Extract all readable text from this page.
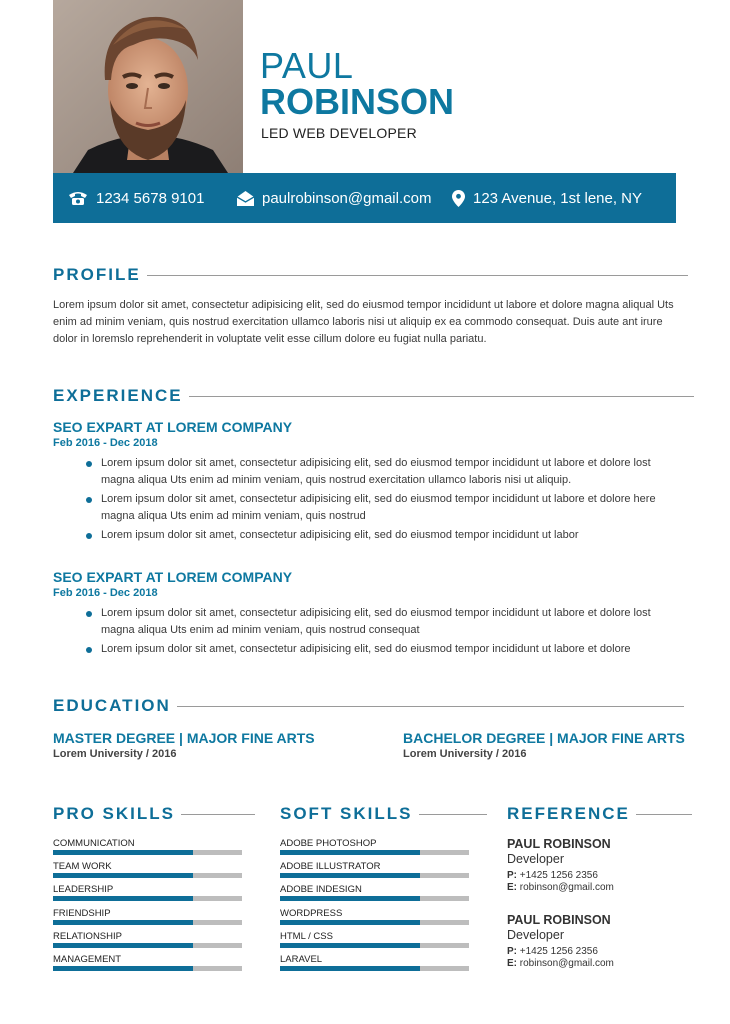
PAUL
ROBINSON
LED WEB DEVELOPER
1234 5678 9101	paulrobinson@gmail.com	123 Avenue, 1st lene, NY
PROFILE
Lorem ipsum dolor sit amet, consectetur adipisicing elit, sed do eiusmod tempor incididunt ut labore et dolore magna aliqual Uts enim ad minim veniam, quis nostrud exercitation ullamco laboris nisi ut aliquip ex ea commodo consequat. Duis aute ant irure dolor in loremslo reprehenderit in voluptate velit esse cillum dolore eu fugiat nulla pariatu.
EXPERIENCE
SEO EXPART AT LOREM COMPANY
Feb 2016 - Dec 2018
Lorem ipsum dolor sit amet, consectetur adipisicing elit, sed do eiusmod tempor incididunt ut labore et dolore lost magna aliqua Uts enim ad minim veniam, quis nostrud exercitation ullamco laboris nisi ut aliquip.
Lorem ipsum dolor sit amet, consectetur adipisicing elit, sed do eiusmod tempor incididunt ut labore et dolore here magna aliqua Uts enim ad minim veniam, quis nostrud
Lorem ipsum dolor sit amet, consectetur adipisicing elit, sed do eiusmod tempor incididunt ut labor
SEO EXPART AT LOREM COMPANY
Feb 2016 - Dec 2018
Lorem ipsum dolor sit amet, consectetur adipisicing elit, sed do eiusmod tempor incididunt ut labore et dolore lost magna aliqua Uts enim ad minim veniam, quis nostrud consequat
Lorem ipsum dolor sit amet, consectetur adipisicing elit, sed do eiusmod tempor incididunt ut labore et dolore
EDUCATION
MASTER DEGREE | MAJOR FINE ARTS
Lorem University / 2016
BACHELOR DEGREE | MAJOR FINE ARTS
Lorem University / 2016
PRO SKILLS
COMMUNICATION
TEAM WORK
LEADERSHIP
FRIENDSHIP
RELATIONSHIP
MANAGEMENT
SOFT SKILLS
ADOBE PHOTOSHOP
ADOBE ILLUSTRATOR
ADOBE INDESIGN
WORDPRESS
HTML / CSS
LARAVEL
REFERENCE
PAUL ROBINSON
Developer
P: +1425 1256 2356
E: robinson@gmail.com
PAUL ROBINSON
Developer
P: +1425 1256 2356
E: robinson@gmail.com
